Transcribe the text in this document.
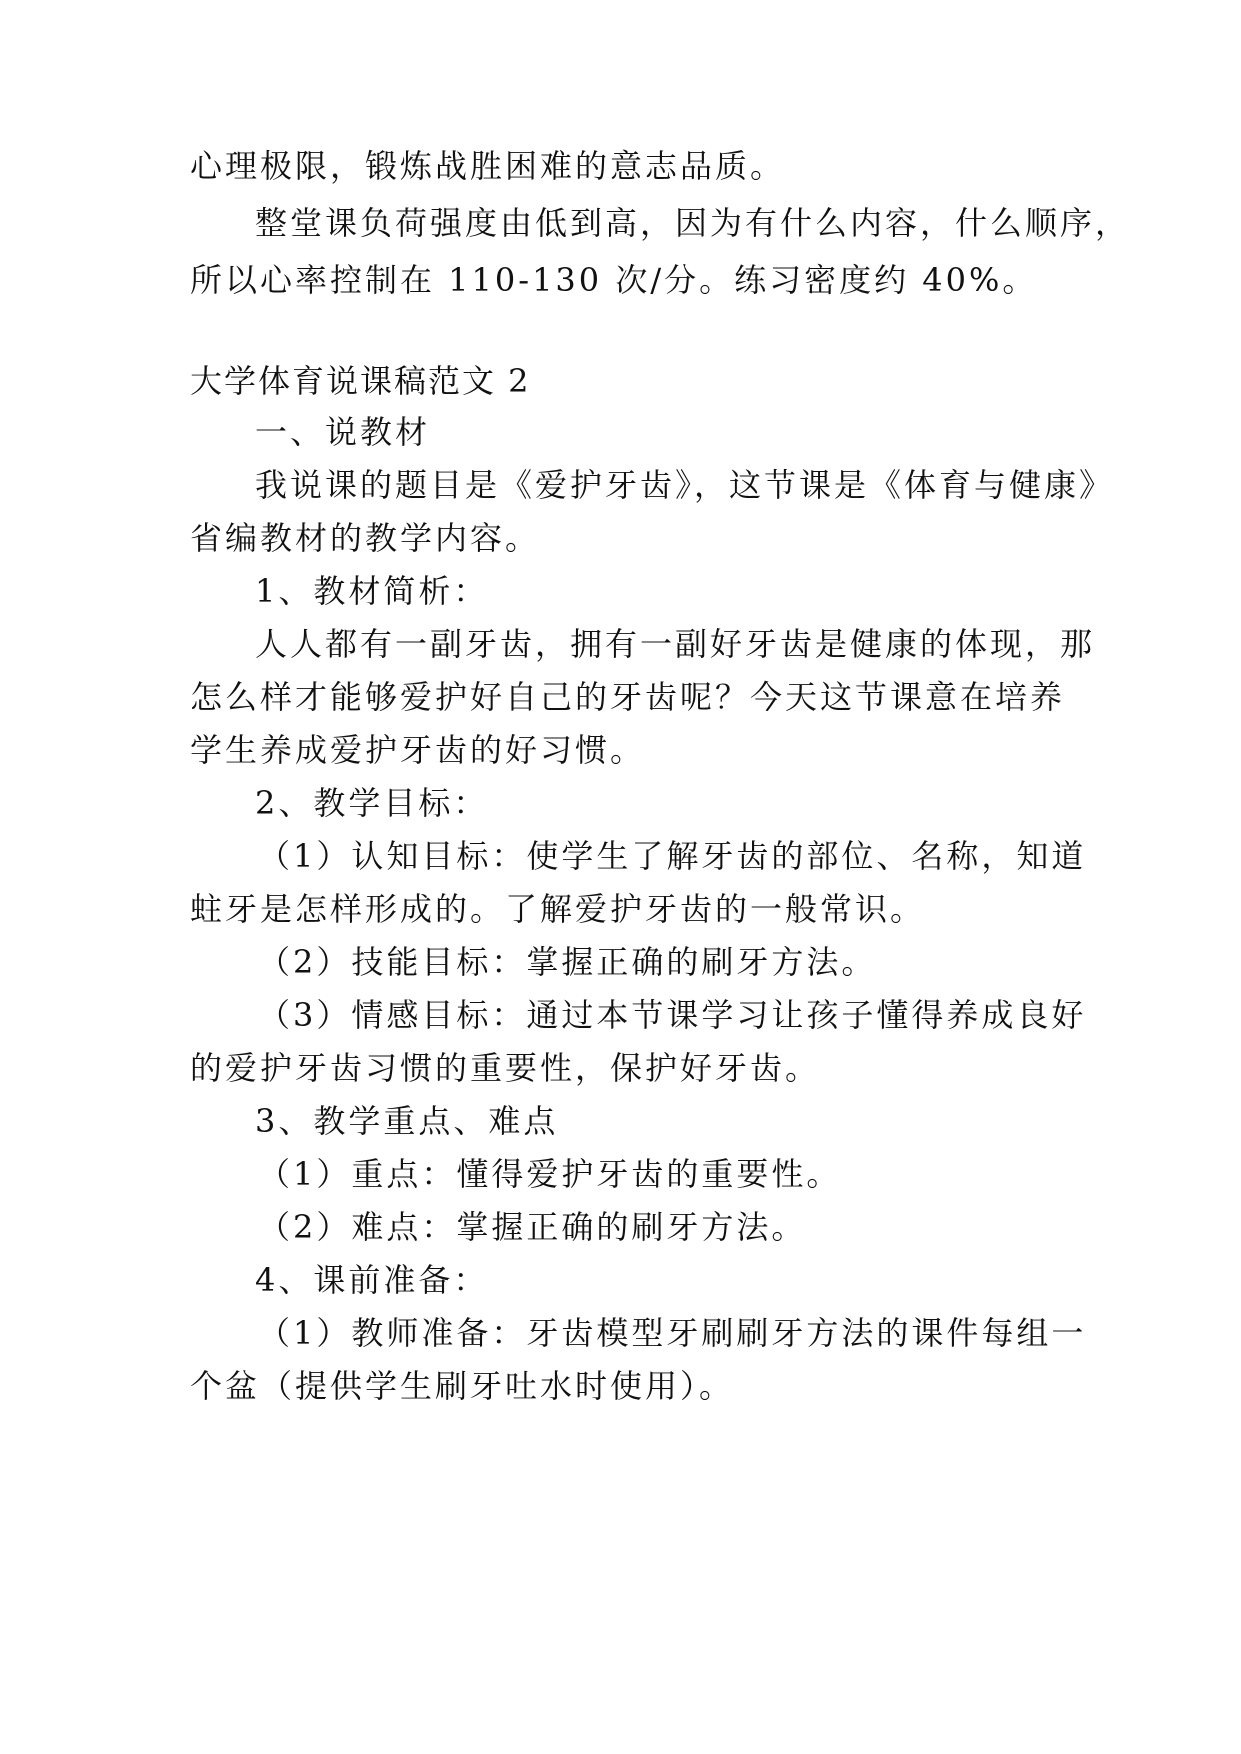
心理极限，锻炼战胜困难的意志品质。
整堂课负荷强度由低到高，因为有什么内容，什么顺序，
所以心率控制在 110-130 次/分。练习密度约 40%。
大学体育说课稿范文 2
一、说教材
我说课的题目是《爱护牙齿》，这节课是《体育与健康》
省编教材的教学内容。
1、教材简析：
人人都有一副牙齿，拥有一副好牙齿是健康的体现，那
怎么样才能够爱护好自己的牙齿呢？今天这节课意在培养
学生养成爱护牙齿的好习惯。
2、教学目标：
（1）认知目标：使学生了解牙齿的部位、名称，知道
蛀牙是怎样形成的。了解爱护牙齿的一般常识。
（2）技能目标：掌握正确的刷牙方法。
（3）情感目标：通过本节课学习让孩子懂得养成良好
的爱护牙齿习惯的重要性，保护好牙齿。
3、教学重点、难点
（1）重点：懂得爱护牙齿的重要性。
（2）难点：掌握正确的刷牙方法。
4、课前准备：
（1）教师准备：牙齿模型牙刷刷牙方法的课件每组一
个盆（提供学生刷牙吐水时使用）。
